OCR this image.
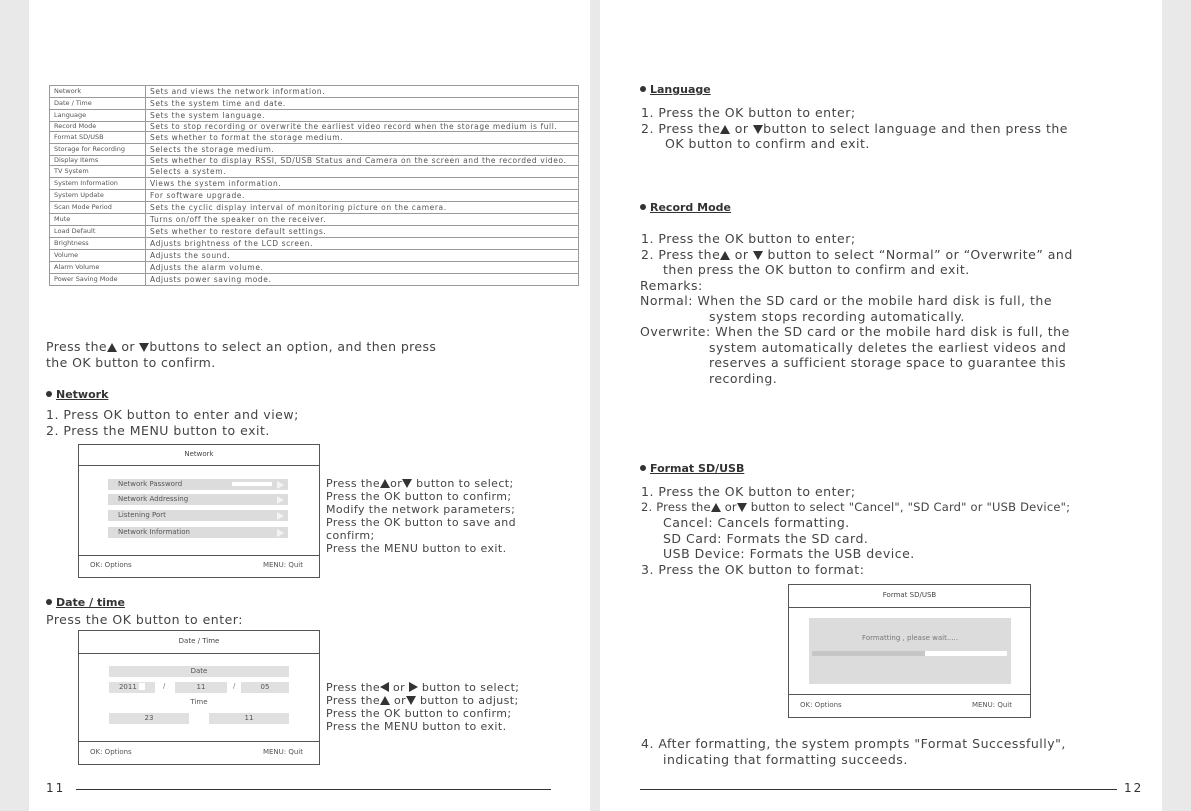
Network	Sets and views the network information.
Date / Time	Sets the system time and date.
Language	Sets the system language.
Record Mode	Sets to stop recording or overwrite the earliest video record when the storage medium is full.
Format SD/USB	Sets whether to format the storage medium.
Storage for Recording	Selects the storage medium.
Display Items	Sets whether to display RSSI, SD/USB Status and Camera on the screen and the recorded video.
TV System	Selects a system.
System Information	Views the system information.
System Update	For software upgrade.
Scan Mode Period	Sets the cyclic display interval of monitoring picture on the camera.
Mute	Turns on/off the speaker on the receiver.
Load Default	Sets whether to restore default settings.
Brightness	Adjusts brightness of the LCD screen.
Volume	Adjusts the sound.
Alarm Volume	Adjusts the alarm volume.
Power Saving Mode	Adjusts power saving mode.
Press the or buttons to select an option, and then press
the OK button to confirm.
Network
1. Press OK button to enter and view;
2. Press the MENU button to exit.
Network
Network Password
Network Addressing
Listening Port
Network Information
OK: Options	MENU: Quit
Press the or button to select;
Press the OK button to confirm;
Modify the network parameters;
Press the OK button to save and
confirm;
Press the MENU button to exit.
Date / time
Press the OK button to enter:
Date / Time
Date
2011	/	11	/	05
Time
23	11
OK: Options	MENU: Quit
Press the or button to select;
Press the or button to adjust;
Press the OK button to confirm;
Press the MENU button to exit.
11
Language
1. Press the OK button to enter;
2. Press the or button to select language and then press the
OK button to confirm and exit.
Record Mode
1. Press the OK button to enter;
2. Press the or button to select “Normal” or “Overwrite” and
then press the OK button to confirm and exit.
Remarks:
Normal: When the SD card or the mobile hard disk is full, the
system stops recording automatically.
Overwrite: When the SD card or the mobile hard disk is full, the
system automatically deletes the earliest videos and
reserves a sufficient storage space to guarantee this
recording.
Format SD/USB
1. Press the OK button to enter;
2. Press the or button to select "Cancel", "SD Card" or "USB Device";
Cancel: Cancels formatting.
SD Card: Formats the SD card.
USB Device: Formats the USB device.
3. Press the OK button to format:
Format SD/USB
Formatting , please wait.....
OK: Options	MENU: Quit
4. After formatting, the system prompts "Format Successfully",
indicating that formatting succeeds.
12
